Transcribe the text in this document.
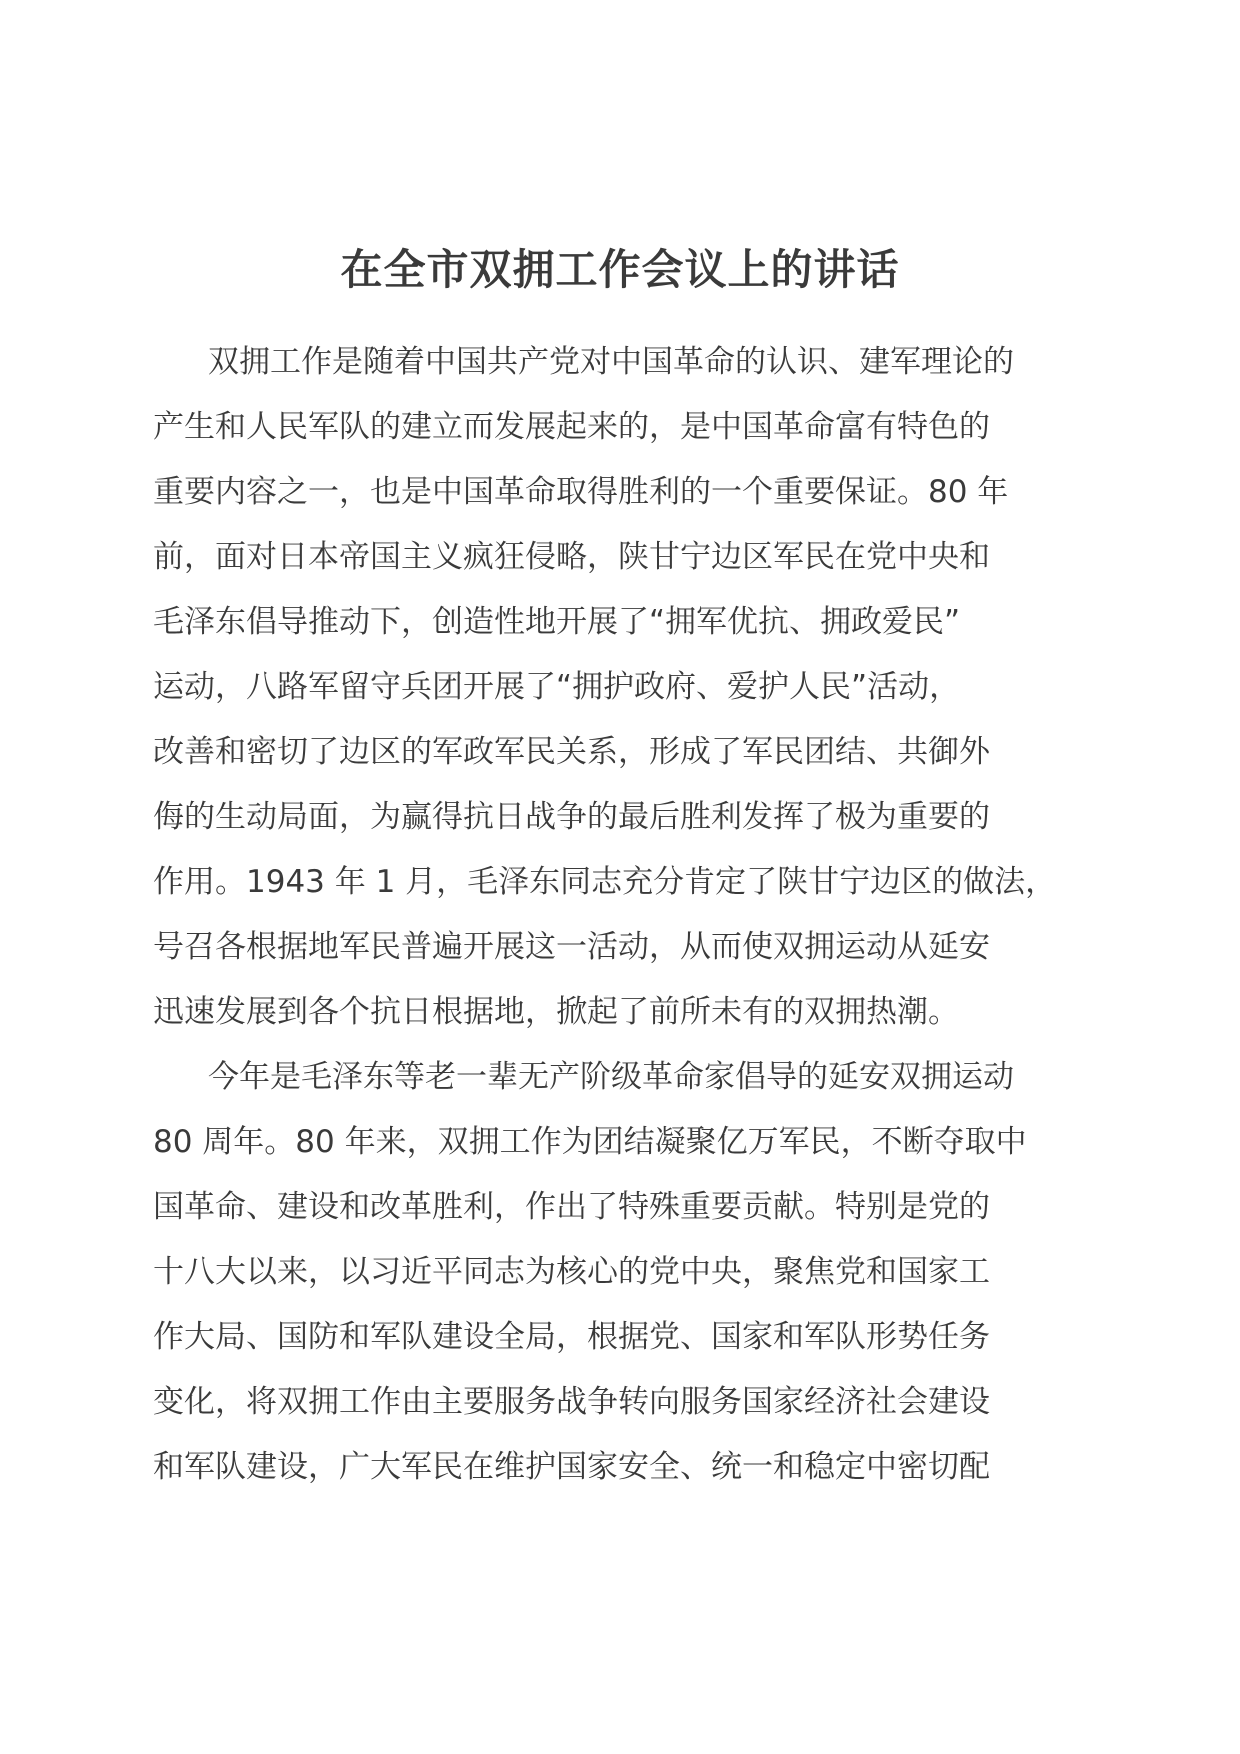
在全市双拥工作会议上的讲话
双拥工作是随着中国共产党对中国革命的认识、建军理论的
产生和人民军队的建立而发展起来的，是中国革命富有特色的
重要内容之一，也是中国革命取得胜利的一个重要保证。80 年
前，面对日本帝国主义疯狂侵略，陕甘宁边区军民在党中央和
毛泽东倡导推动下，创造性地开展了“拥军优抗、拥政爱民”
运动，八路军留守兵团开展了“拥护政府、爱护人民”活动，
改善和密切了边区的军政军民关系，形成了军民团结、共御外
侮的生动局面，为赢得抗日战争的最后胜利发挥了极为重要的
作用。1943 年 1 月，毛泽东同志充分肯定了陕甘宁边区的做法，
号召各根据地军民普遍开展这一活动，从而使双拥运动从延安
迅速发展到各个抗日根据地，掀起了前所未有的双拥热潮。
今年是毛泽东等老一辈无产阶级革命家倡导的延安双拥运动
80 周年。80 年来，双拥工作为团结凝聚亿万军民，不断夺取中
国革命、建设和改革胜利，作出了特殊重要贡献。特别是党的
十八大以来，以习近平同志为核心的党中央，聚焦党和国家工
作大局、国防和军队建设全局，根据党、国家和军队形势任务
变化，将双拥工作由主要服务战争转向服务国家经济社会建设
和军队建设，广大军民在维护国家安全、统一和稳定中密切配
